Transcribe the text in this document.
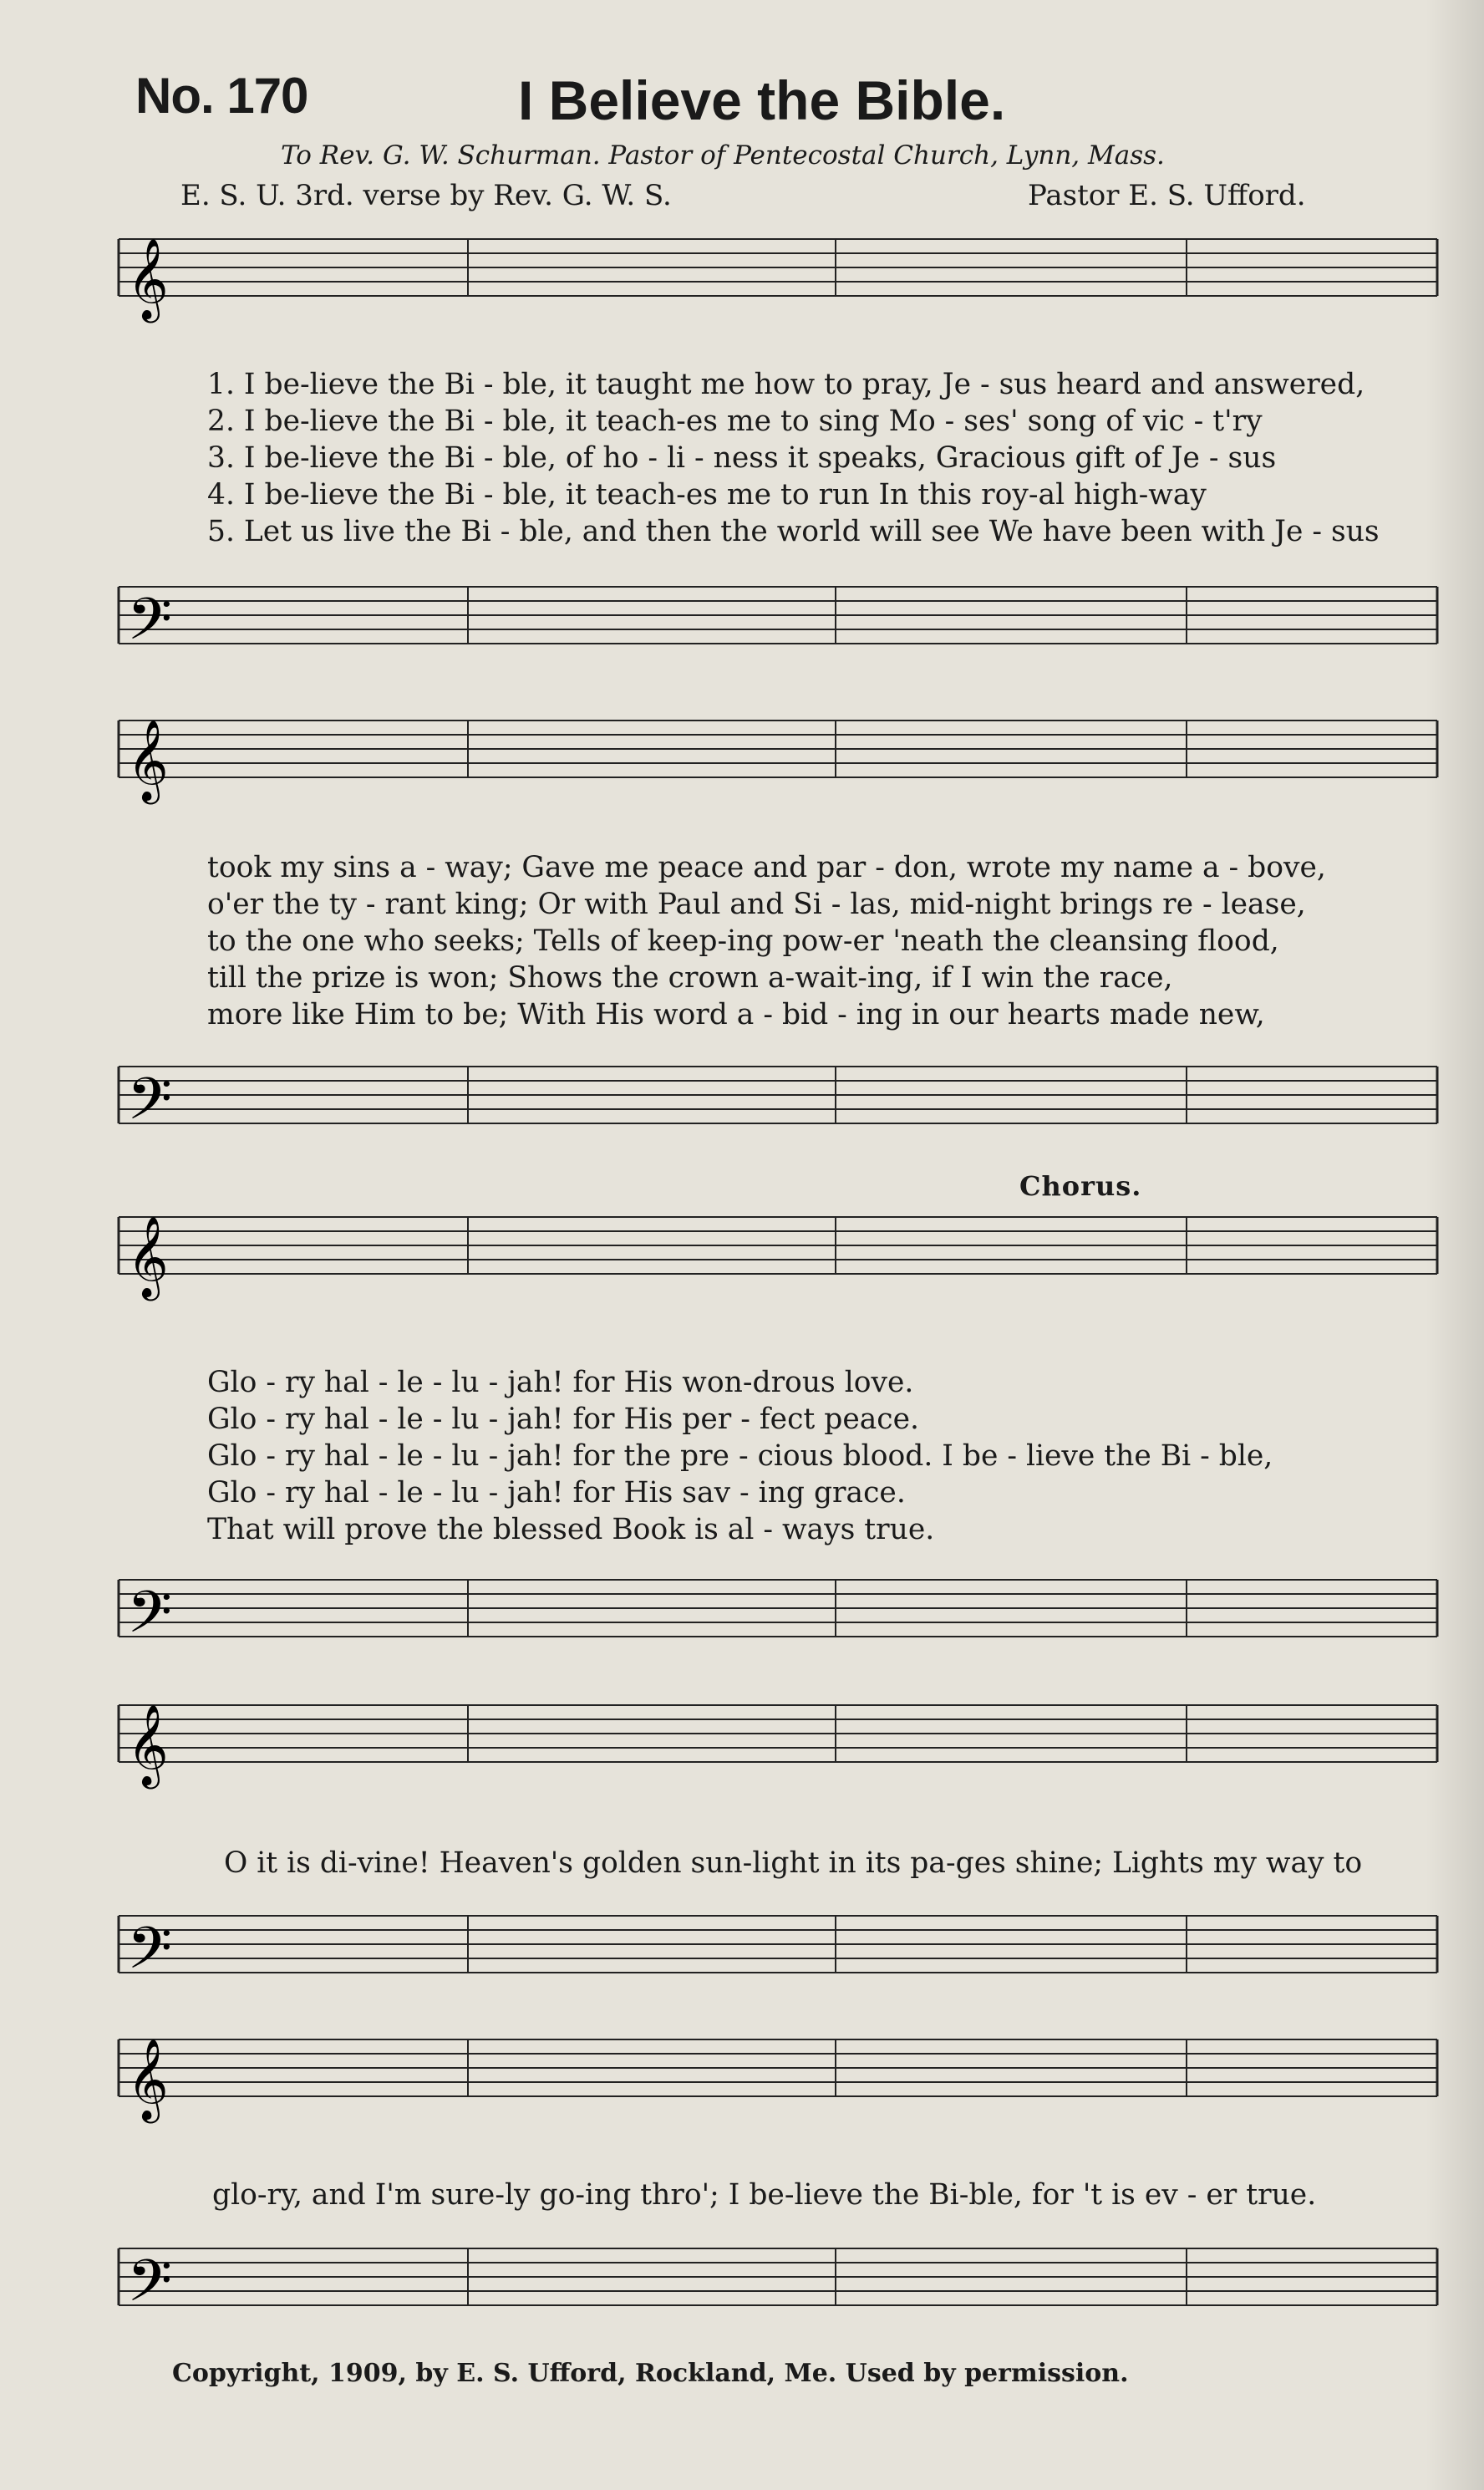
No. 170	I Believe the Bible.
To Rev. G. W. Schurman. Pastor of Pentecostal Church, Lynn, Mass.
E. S. U. 3rd. verse by Rev. G. W. S.	Pastor E. S. Ufford.
𝄞
𝄢
1. I be-lieve the Bi - ble, it taught me how to pray, Je - sus heard and answered,
2. I be-lieve the Bi - ble, it teach-es me to sing Mo - ses' song of vic - t'ry
3. I be-lieve the Bi - ble, of ho - li - ness it speaks, Gracious gift of Je - sus
4. I be-lieve the Bi - ble, it teach-es me to run In this roy-al high-way
5. Let us live the Bi - ble, and then the world will see We have been with Je - sus
𝄞
𝄢
took my sins a - way; Gave me peace and par - don, wrote my name a - bove,
o'er the ty - rant king; Or with Paul and Si - las, mid-night brings re - lease,
to the one who seeks; Tells of keep-ing pow-er 'neath the cleansing flood,
till the prize is won; Shows the crown a-wait-ing, if I win the race,
more like Him to be; With His word a - bid - ing in our hearts made new,
Chorus.
𝄞
𝄢
Glo - ry hal - le - lu - jah! for His won-drous love.
Glo - ry hal - le - lu - jah! for His per - fect peace.
Glo - ry hal - le - lu - jah! for the pre - cious blood. I be - lieve the Bi - ble,
Glo - ry hal - le - lu - jah! for His sav - ing grace.
That will prove the blessed Book is al - ways true.
𝄞
𝄢
O it is di-vine! Heaven's golden sun-light in its pa-ges shine; Lights my way to
𝄞
𝄢
glo-ry, and I'm sure-ly go-ing thro'; I be-lieve the Bi-ble, for 't is ev - er true.
Copyright, 1909, by E. S. Ufford, Rockland, Me. Used by permission.
